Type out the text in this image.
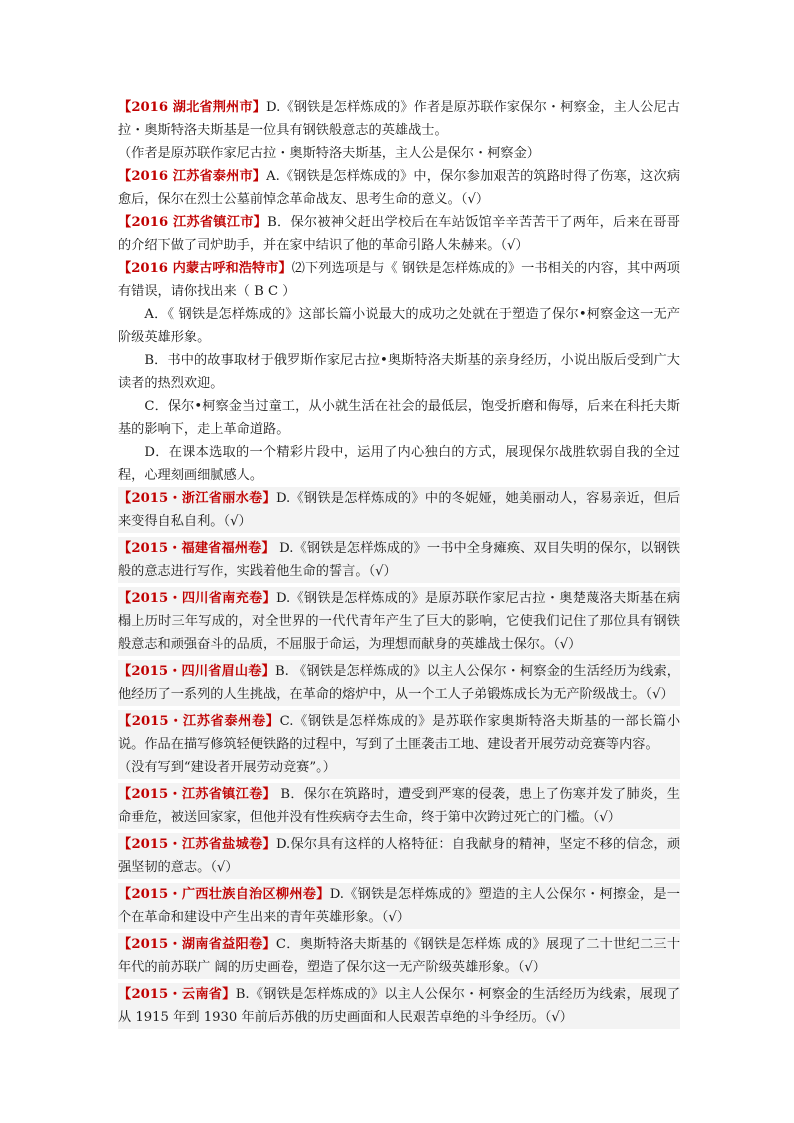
【2016 湖北省荆州市】D.《钢铁是怎样炼成的》作者是原苏联作家保尔・柯察金，主人公尼古拉・奥斯特洛夫斯基是一位具有钢铁般意志的英雄战士。
（作者是原苏联作家尼古拉・奥斯特洛夫斯基，主人公是保尔・柯察金）
【2016 江苏省泰州市】A.《钢铁是怎样炼成的》中，保尔参加艰苦的筑路时得了伤寒，这次病愈后，保尔在烈士公墓前悼念革命战友、思考生命的意义。（√）
【2016 江苏省镇江市】B．保尔被神父赶出学校后在车站饭馆辛辛苦苦干了两年，后来在哥哥的介绍下做了司炉助手，并在家中结识了他的革命引路人朱赫来。（√）
【2016 内蒙古呼和浩特市】⑵下列选项是与《 钢铁是怎样炼成的》一书相关的内容，其中两项有错误，请你找出来（ B C ）
A．《 钢铁是怎样炼成的》这部长篇小说最大的成功之处就在于塑造了保尔•柯察金这一无产阶级英雄形象。
B．书中的故事取材于俄罗斯作家尼古拉•奥斯特洛夫斯基的亲身经历，小说出版后受到广大读者的热烈欢迎。
C．保尔•柯察金当过童工，从小就生活在社会的最低层，饱受折磨和侮辱，后来在科托夫斯基的影响下，走上革命道路。
D．在课本选取的一个精彩片段中，运用了内心独白的方式，展现保尔战胜软弱自我的全过程，心理刻画细腻感人。
【2015・浙江省丽水卷】D.《钢铁是怎样炼成的》中的冬妮娅，她美丽动人，容易亲近，但后来变得自私自利。（√）
【2015・福建省福州卷】 D.《钢铁是怎样炼成的》一书中全身瘫痪、双目失明的保尔，以钢铁般的意志进行写作，实践着他生命的誓言。（√）
【2015・四川省南充卷】D.《钢铁是怎样炼成的》是原苏联作家尼古拉・奥楚蔑洛夫斯基在病榻上历时三年写成的，对全世界的一代代青年产生了巨大的影响，它使我们记住了那位具有钢铁般意志和顽强奋斗的品质，不屈服于命运，为理想而献身的英雄战士保尔。（√）
【2015・四川省眉山卷】B. 《钢铁是怎样炼成的》以主人公保尔・柯察金的生活经历为线索，他经历了一系列的人生挑战，在革命的熔炉中，从一个工人子弟锻炼成长为无产阶级战士。（√）
【2015・江苏省泰州卷】C.《钢铁是怎样炼成的》是苏联作家奥斯特洛夫斯基的一部长篇小说。作品在描写修筑轻便铁路的过程中，写到了土匪袭击工地、建设者开展劳动竞赛等内容。
（没有写到“建设者开展劳动竞赛”。）
【2015・江苏省镇江卷】 B．保尔在筑路时，遭受到严寒的侵袭，患上了伤寒并发了肺炎，生命垂危，被送回家家，但他并没有性疾病夺去生命，终于第中次跨过死亡的门槛。（√）
【2015・江苏省盐城卷】D.保尔具有这样的人格特征：自我献身的精神，坚定不移的信念，顽强坚韧的意志。（√）
【2015・广西壮族自治区柳州卷】D.《钢铁是怎样炼成的》塑造的主人公保尔・柯擦金，是一个在革命和建设中产生出来的青年英雄形象。（√）
【2015・湖南省益阳卷】C．奥斯特洛夫斯基的《钢铁是怎样炼 成的》展现了二十世纪二三十年代的前苏联广 阔的历史画卷，塑造了保尔这一无产阶级英雄形象。（√）
【2015・云南省】B.《钢铁是怎样炼成的》以主人公保尔・柯察金的生活经历为线索，展现了从 1915 年到 1930 年前后苏俄的历史画面和人民艰苦卓绝的斗争经历。（√）
